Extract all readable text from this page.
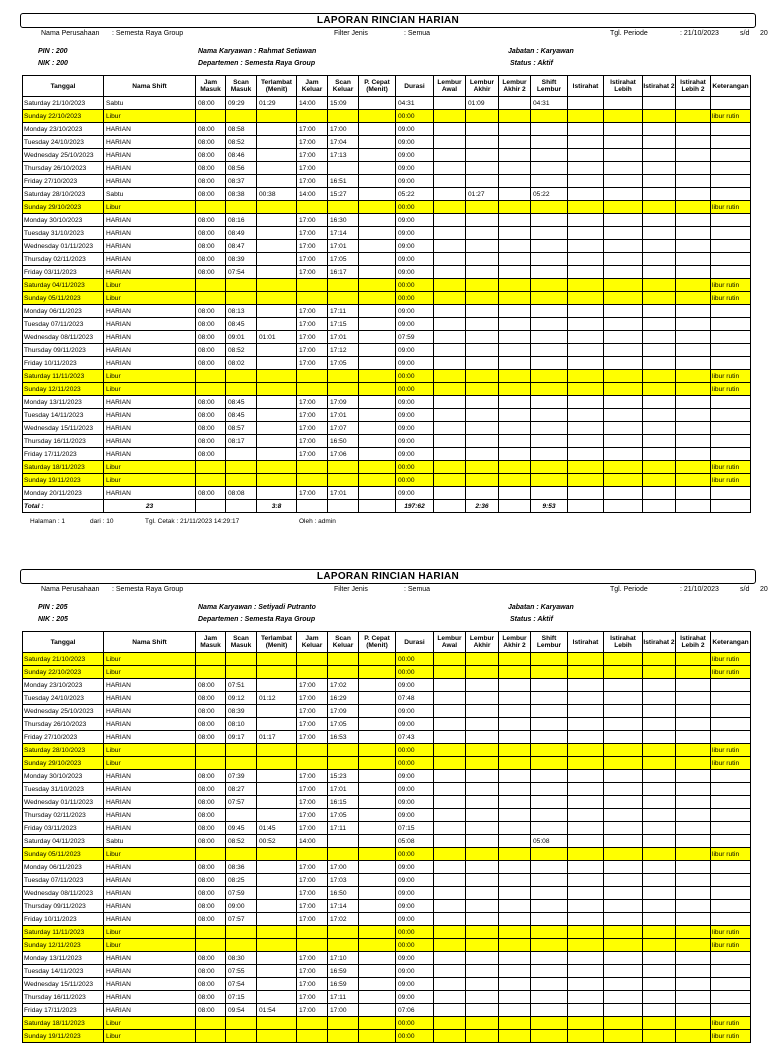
LAPORAN RINCIAN HARIAN
Nama Perusahaan : Semesta Raya Group	Filter Jenis	: Semua	Tgl. Periode	: 21/10/2023	s/d 20
PIN : 200
NIK : 200
Nama Karyawan : Rahmat Setiawan
Departemen : Semesta Raya Group
Jabatan : Karyawan
Status : Aktif
Tanggal	Nama Shift	Jam Masuk	Scan Masuk	Terlambat (Menit)	Jam Keluar	Scan Keluar	P. Cepat (Menit)	Durasi	Lembur Awal	Lembur Akhir	Lembur Akhir 2	Shift Lembur	Istirahat	Istirahat Lebih	Istirahat 2	Istirahat Lebih 2	Keterangan
Saturday 21/10/2023	Sabtu	08:00	09:29	01:29	14:00	15:09		04:31		01:09		04:31					
Sunday 22/10/2023	Libur							00:00									libur rutin
Monday 23/10/2023	HARIAN	08:00	08:58		17:00	17:00		09:00									
Tuesday 24/10/2023	HARIAN	08:00	08:52		17:00	17:04		09:00									
Wednesday 25/10/2023	HARIAN	08:00	08:46		17:00	17:13		09:00									
Thursday 26/10/2023	HARIAN	08:00	08:56		17:00			09:00									
Friday 27/10/2023	HARIAN	08:00	08:37		17:00	16:51		09:00									
Saturday 28/10/2023	Sabtu	08:00	08:38	00:38	14:00	15:27		05:22		01:27		05:22					
Sunday 29/10/2023	Libur							00:00									libur rutin
Monday 30/10/2023	HARIAN	08:00	08:16		17:00	16:30		09:00									
Tuesday 31/10/2023	HARIAN	08:00	08:49		17:00	17:14		09:00									
Wednesday 01/11/2023	HARIAN	08:00	08:47		17:00	17:01		09:00									
Thursday 02/11/2023	HARIAN	08:00	08:39		17:00	17:05		09:00									
Friday 03/11/2023	HARIAN	08:00	07:54		17:00	16:17		09:00									
Saturday 04/11/2023	Libur							00:00									libur rutin
Sunday 05/11/2023	Libur							00:00									libur rutin
Monday 06/11/2023	HARIAN	08:00	08:13		17:00	17:11		09:00									
Tuesday 07/11/2023	HARIAN	08:00	08:45		17:00	17:15		09:00									
Wednesday 08/11/2023	HARIAN	08:00	09:01	01:01	17:00	17:01		07:59									
Thursday 09/11/2023	HARIAN	08:00	08:52		17:00	17:12		09:00									
Friday 10/11/2023	HARIAN	08:00	08:02		17:00	17:05		09:00									
Saturday 11/11/2023	Libur							00:00									libur rutin
Sunday 12/11/2023	Libur							00:00									libur rutin
Monday 13/11/2023	HARIAN	08:00	08:45		17:00	17:09		09:00									
Tuesday 14/11/2023	HARIAN	08:00	08:45		17:00	17:01		09:00									
Wednesday 15/11/2023	HARIAN	08:00	08:57		17:00	17:07		09:00									
Thursday 16/11/2023	HARIAN	08:00	08:17		17:00	16:50		09:00									
Friday 17/11/2023	HARIAN	08:00			17:00	17:06		09:00									
Saturday 18/11/2023	Libur							00:00									libur rutin
Sunday 19/11/2023	Libur							00:00									libur rutin
Monday 20/11/2023	HARIAN	08:00	08:08		17:00	17:01		09:00									
Total :	23			3:8				197:62		2:36		9:53					
Halaman : 1	dari : 10	Tgl. Cetak : 21/11/2023 14:29:17	Oleh : admin
LAPORAN RINCIAN HARIAN
Nama Perusahaan : Semesta Raya Group	Filter Jenis	: Semua	Tgl. Periode	: 21/10/2023	s/d 20
PIN : 205
NIK : 205
Nama Karyawan : Setiyadi Putranto
Departemen : Semesta Raya Group
Jabatan : Karyawan
Status : Aktif
Tanggal	Nama Shift	Jam Masuk	Scan Masuk	Terlambat (Menit)	Jam Keluar	Scan Keluar	P. Cepat (Menit)	Durasi	Lembur Awal	Lembur Akhir	Lembur Akhir 2	Shift Lembur	Istirahat	Istirahat Lebih	Istirahat 2	Istirahat Lebih 2	Keterangan
Saturday 21/10/2023	Libur							00:00									libur rutin
Sunday 22/10/2023	Libur							00:00									libur rutin
Monday 23/10/2023	HARIAN	08:00	07:51		17:00	17:02		09:00									
Tuesday 24/10/2023	HARIAN	08:00	09:12	01:12	17:00	16:29		07:48									
Wednesday 25/10/2023	HARIAN	08:00	08:39		17:00	17:09		09:00									
Thursday 26/10/2023	HARIAN	08:00	08:10		17:00	17:05		09:00									
Friday 27/10/2023	HARIAN	08:00	09:17	01:17	17:00	16:53		07:43									
Saturday 28/10/2023	Libur							00:00									libur rutin
Sunday 29/10/2023	Libur							00:00									libur rutin
Monday 30/10/2023	HARIAN	08:00	07:39		17:00	15:23		09:00									
Tuesday 31/10/2023	HARIAN	08:00	08:27		17:00	17:01		09:00									
Wednesday 01/11/2023	HARIAN	08:00	07:57		17:00	16:15		09:00									
Thursday 02/11/2023	HARIAN	08:00			17:00	17:05		09:00									
Friday 03/11/2023	HARIAN	08:00	09:45	01:45	17:00	17:11		07:15									
Saturday 04/11/2023	Sabtu	08:00	08:52	00:52	14:00			05:08				05:08					
Sunday 05/11/2023	Libur							00:00									libur rutin
Monday 06/11/2023	HARIAN	08:00	08:36		17:00	17:00		09:00									
Tuesday 07/11/2023	HARIAN	08:00	08:25		17:00	17:03		09:00									
Wednesday 08/11/2023	HARIAN	08:00	07:59		17:00	16:50		09:00									
Thursday 09/11/2023	HARIAN	08:00	09:00		17:00	17:14		09:00									
Friday 10/11/2023	HARIAN	08:00	07:57		17:00	17:02		09:00									
Saturday 11/11/2023	Libur							00:00									libur rutin
Sunday 12/11/2023	Libur							00:00									libur rutin
Monday 13/11/2023	HARIAN	08:00	08:30		17:00	17:10		09:00									
Tuesday 14/11/2023	HARIAN	08:00	07:55		17:00	16:59		09:00									
Wednesday 15/11/2023	HARIAN	08:00	07:54		17:00	16:59		09:00									
Thursday 16/11/2023	HARIAN	08:00	07:15		17:00	17:11		09:00									
Friday 17/11/2023	HARIAN	08:00	09:54	01:54	17:00	17:00		07:06									
Saturday 18/11/2023	Libur							00:00									libur rutin
Sunday 19/11/2023	Libur							00:00									libur rutin
